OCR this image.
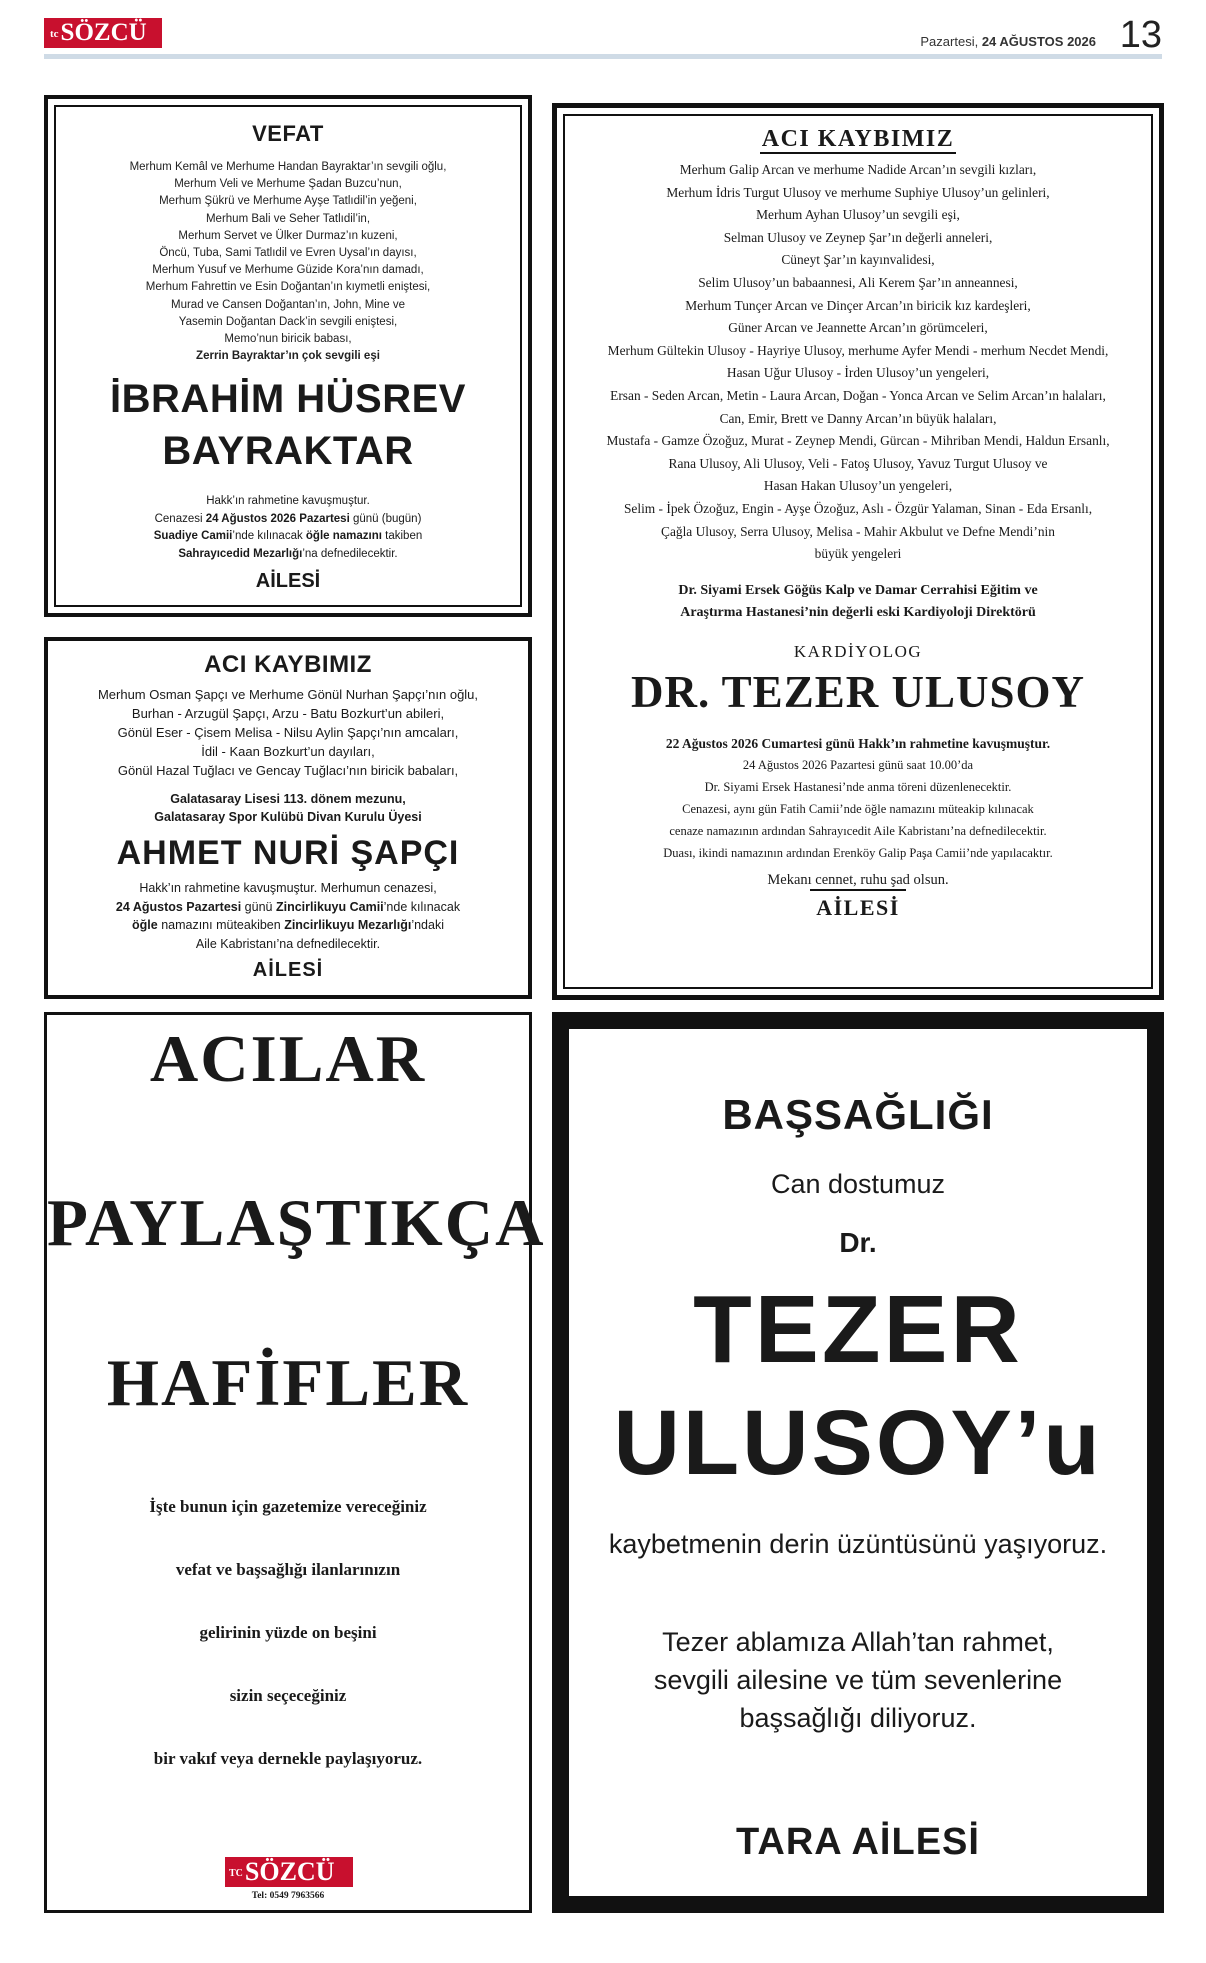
tcSÖZCÜ	Pazartesi, 24 AĞUSTOS 2026 13
VEFAT
Merhum Kemâl ve Merhume Handan Bayraktar’ın sevgili oğlu,
Merhum Veli ve Merhume Şadan Buzcu’nun,
Merhum Şükrü ve Merhume Ayşe Tatlıdil’in yeğeni,
Merhum Bali ve Seher Tatlıdil’in,
Merhum Servet ve Ülker Durmaz’ın kuzeni,
Öncü, Tuba, Sami Tatlıdil ve Evren Uysal’ın dayısı,
Merhum Yusuf ve Merhume Güzide Kora’nın damadı,
Merhum Fahrettin ve Esin Doğantan’ın kıymetli enіştesi,
Murad ve Cansen Doğantan’ın, John, Mine ve
Yasemin Doğantan Dack’in sevgili eniştesi,
Memo’nun biricik babası,
Zerrin Bayraktar’ın çok sevgili eşi
İBRAHİM HÜSREV
BAYRAKTAR
Hakk’ın rahmetine kavuşmuştur.
Cenazesi 24 Ağustos 2026 Pazartesi günü (bugün)
Suadiye Camii’nde kılınacak öğle namazını takiben
Sahrayıcedid Mezarlığı’na defnedilecektir.
AİLESİ
ACI KAYBIMIZ
Merhum Osman Şapçı ve Merhume Gönül Nurhan Şapçı’nın oğlu,
Burhan - Arzugül Şapçı, Arzu - Batu Bozkurt’un abileri,
Gönül Eser - Çisem Melisa - Nilsu Aylin Şapçı’nın amcaları,
İdil - Kaan Bozkurt’un dayıları,
Gönül Hazal Tuğlacı ve Gencay Tuğlacı’nın biricik babaları,
Galatasaray Lisesi 113. dönem mezunu,
Galatasaray Spor Kulübü Divan Kurulu Üyesi
AHMET NURİ ŞAPÇI
Hakk’ın rahmetine kavuşmuştur. Merhumun cenazesi,
24 Ağustos Pazartesi günü Zincirlikuyu Camii’nde kılınacak
öğle namazını müteakiben Zincirlikuyu Mezarlığı’ndaki
Aile Kabristanı’na defnedilecektir.
AİLESİ
ACI KAYBIMIZ
Merhum Galip Arcan ve merhume Nadide Arcan’ın sevgili kızları,
Merhum İdris Turgut Ulusoy ve merhume Suphiye Ulusoy’un gelinleri,
Merhum Ayhan Ulusoy’un sevgili eşi,
Selman Ulusoy ve Zeynep Şar’ın değerli anneleri,
Cüneyt Şar’ın kayınvalidesi,
Selim Ulusoy’un babaannesi, Ali Kerem Şar’ın anneannesi,
Merhum Tunçer Arcan ve Dinçer Arcan’ın biricik kız kardeşleri,
Güner Arcan ve Jeannette Arcan’ın görümceleri,
Merhum Gültekin Ulusoy - Hayriye Ulusoy, merhume Ayfer Mendi - merhum Necdet Mendi,
Hasan Uğur Ulusoy - İrden Ulusoy’un yengeleri,
Ersan - Seden Arcan, Metin - Laura Arcan, Doğan - Yonca Arcan ve Selim Arcan’ın halaları,
Can, Emir, Brett ve Danny Arcan’ın büyük halaları,
Mustafa - Gamze Özoğuz, Murat - Zeynep Mendi, Gürcan - Mihriban Mendi, Haldun Ersanlı,
Rana Ulusoy, Ali Ulusoy, Veli - Fatoş Ulusoy, Yavuz Turgut Ulusoy ve
Hasan Hakan Ulusoy’un yengeleri,
Selim - İpek Özoğuz, Engin - Ayşe Özoğuz, Aslı - Özgür Yalaman, Sinan - Eda Ersanlı,
Çağla Ulusoy, Serra Ulusoy, Melisa - Mahir Akbulut ve Defne Mendi’nin
büyük yengeleri
Dr. Siyami Ersek Göğüs Kalp ve Damar Cerrahisi Eğitim ve
Araştırma Hastanesi’nin değerli eski Kardiyoloji Direktörü
KARDİYOLOG
DR. TEZER ULUSOY
22 Ağustos 2026 Cumartesi günü Hakk’ın rahmetine kavuşmuştur.
24 Ağustos 2026 Pazartesi günü saat 10.00’da
Dr. Siyami Ersek Hastanesi’nde anma töreni düzenlenecektir.
Cenazesi, aynı gün Fatih Camii’nde öğle namazını müteakip kılınacak
cenaze namazının ardından Sahrayıcedit Aile Kabristanı’na defnedilecektir.
Duası, ikindi namazının ardından Erenköy Galip Paşa Camii’nde yapılacaktır.
Mekanı cennet, ruhu şad olsun.
AİLESİ
ACILAR
PAYLAŞTIKÇA
HAFİFLER
İşte bunun için gazetemize vereceğiniz
vefat ve başsağlığı ilanlarınızın
gelirinin yüzde on beşini
sizin seçeceğiniz
bir vakıf veya dernekle paylaşıyoruz.
TCSÖZCÜ
Tel: 0549 7963566
BAŞSAĞLIĞI
Can dostumuz
Dr.
TEZER
ULUSOY’u
kaybetmenin derin üzüntüsünü yaşıyoruz.
Tezer ablamıza Allah’tan rahmet,
sevgili ailesine ve tüm sevenlerine
başsağlığı diliyoruz.
TARA AİLESİ
